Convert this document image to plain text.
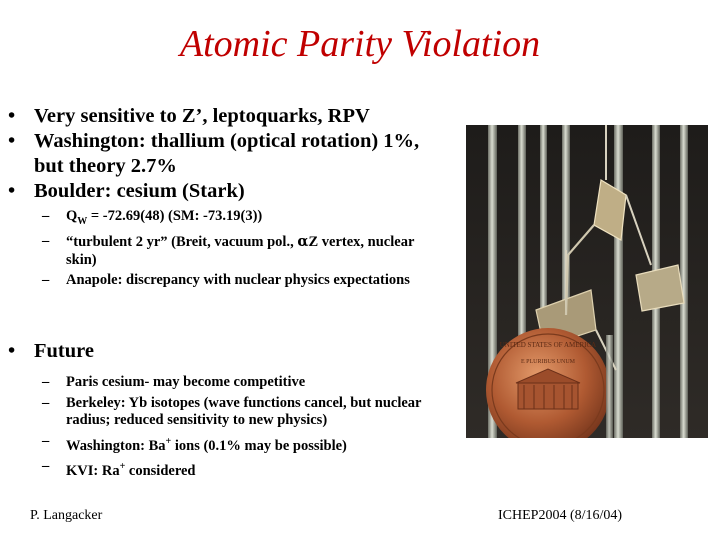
Atomic Parity Violation
• Very sensitive to Z’, leptoquarks, RPV
• Washington: thallium (optical rotation) 1%, but theory 2.7%
• Boulder: cesium (Stark)
– $Q_W = -72.69(48)$ (SM: -73.19(3))
– “turbulent 2 yr” (Breit, vacuum pol., αZ vertex, nuclear skin)
– Anapole: discrepancy with nuclear physics expectations
• Future
– Paris cesium- may become competitive
– Berkeley: Yb isotopes (wave functions cancel, but nuclear radius; reduced sensitivity to new physics)
– Washington: Ba+ ions (0.1% may be possible)
– KVI: Ra+ considered
UNITED STATES OF AMERICA
E PLURIBUS UNUM
P. Langacker	ICHEP2004 (8/16/04)
